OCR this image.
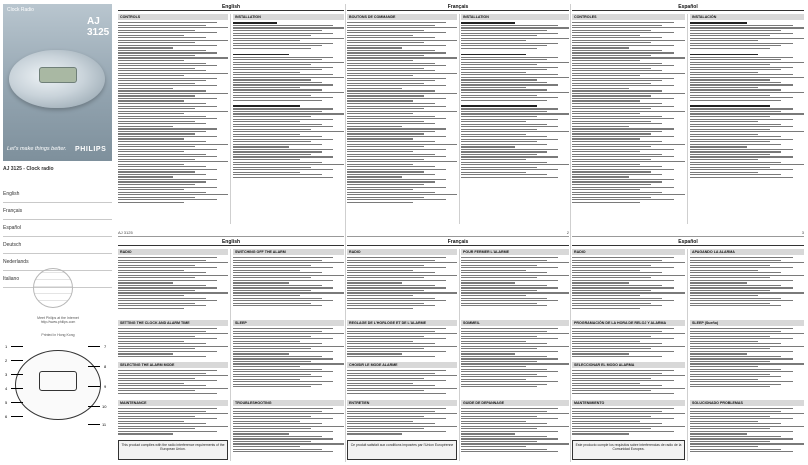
Clock Radio
AJ 3125
Let's make things better. PHILIPS
AJ 3125 - Clock radio
English
Français
Español
Deutsch
Nederlands
Italiano
Meet Philips at the Internet
http://www.philips.com
Printed in Hong Kong
1
2
3
4
5
6
7
8
9
10
11
English	Français	Español
CONTROLS	INSTALLATION	BOUTONS DE COMMANDE	INSTALLATION	CONTROLES	INSTALACIÓN
AJ 3125	2	3
English	Français	Español
RADIO
SETTING THE CLOCK AND ALARM TIME
SELECTING THE ALARM MODE
MAINTENANCE
SWITCHING OFF THE ALARM
SLEEP
TROUBLESHOOTING
RADIO
REGLAGE DE L'HORLOGE ET DE L'ALARME
CHOISIR LE MODE ALARME
ENTRETIEN
POUR FERMER L'ALARME
SOMMEIL
GUIDE DE DEPANNAGE
RADIO
PROGRAMACIÓN DE LA HORA DE RELOJ Y ALARMA
SELECCIONAR EL MODO ALARMA
MANTENIMIENTO
APAGANDO LA ALARMA
SLEEP (Sueño)
SOLUCIONADO PROBLEMAS
This product complies with the radio interference requirements of the European Union.
Ce produit satisfait aux conditions imposées par l'Union Européenne	Este producto cumple los requisitos sobre interferencias de radio de la Comunidad Europea.
